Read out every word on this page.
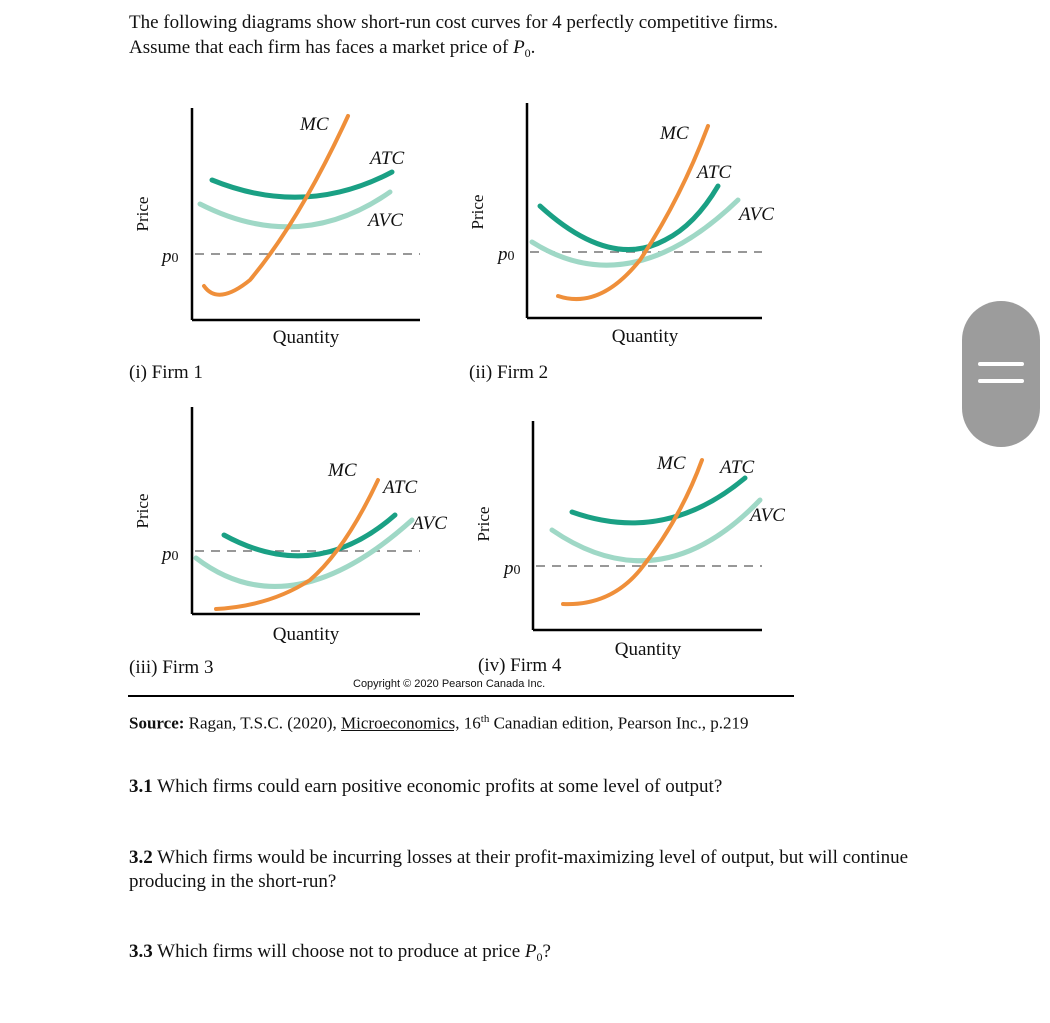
The following diagrams show short-run cost curves for 4 perfectly competitive firms.

Assume that each firm has faces a market price of $P_0$.

Price
Quantity
p0
MC
ATC
AVC
(i) Firm 1
Price
Quantity
p0
MC
ATC
AVC
(ii) Firm 2
Price
Quantity
p0
MC
ATC
AVC
(iii) Firm 3
Price
Quantity
p0
MC ATC
AVC
(iv) Firm 4
Copyright © 2020 Pearson Canada Inc.
Source: Ragan, T.S.C. (2020), Microeconomics, 16th Canadian edition, Pearson Inc., p.219
3.1 Which firms could earn positive economic profits at some level of output?
3.2 Which firms would be incurring losses at their profit-maximizing level of output, but will continue producing in the short-run?
3.3 Which firms will choose not to produce at price $P_0$?
